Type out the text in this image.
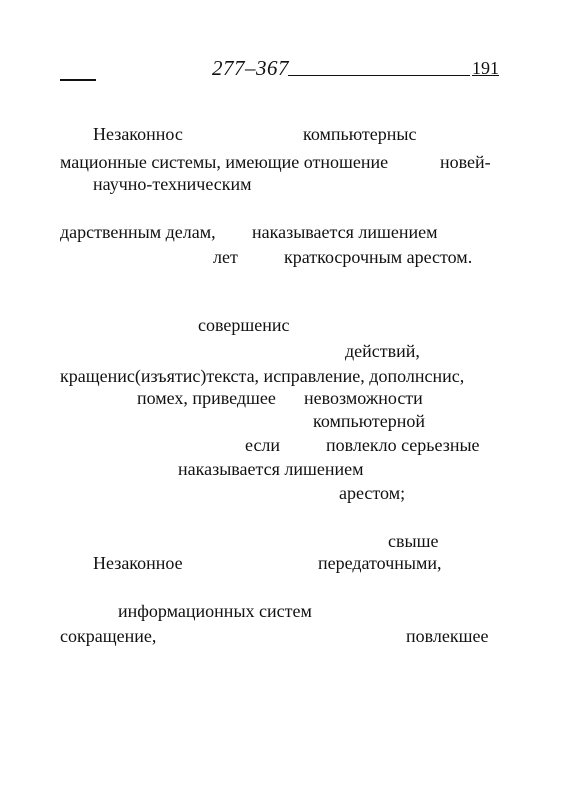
277–367	191
Незаконнос	компьютерныс
мационные системы, имеющие отношение	новей-
научно-техническим
дарственным делам, наказывается лишением
лет	краткосрочным арестом.
совершенис
действий,
кращенис(изъятис)текста, исправление, дополнснис,
помех, приведшее невозможности
компьютерной
если	повлекло серьезные
наказывается лишением
арестом;
свыше
Незаконное	передаточными,
информационных систем
сокращение,	повлекшее
